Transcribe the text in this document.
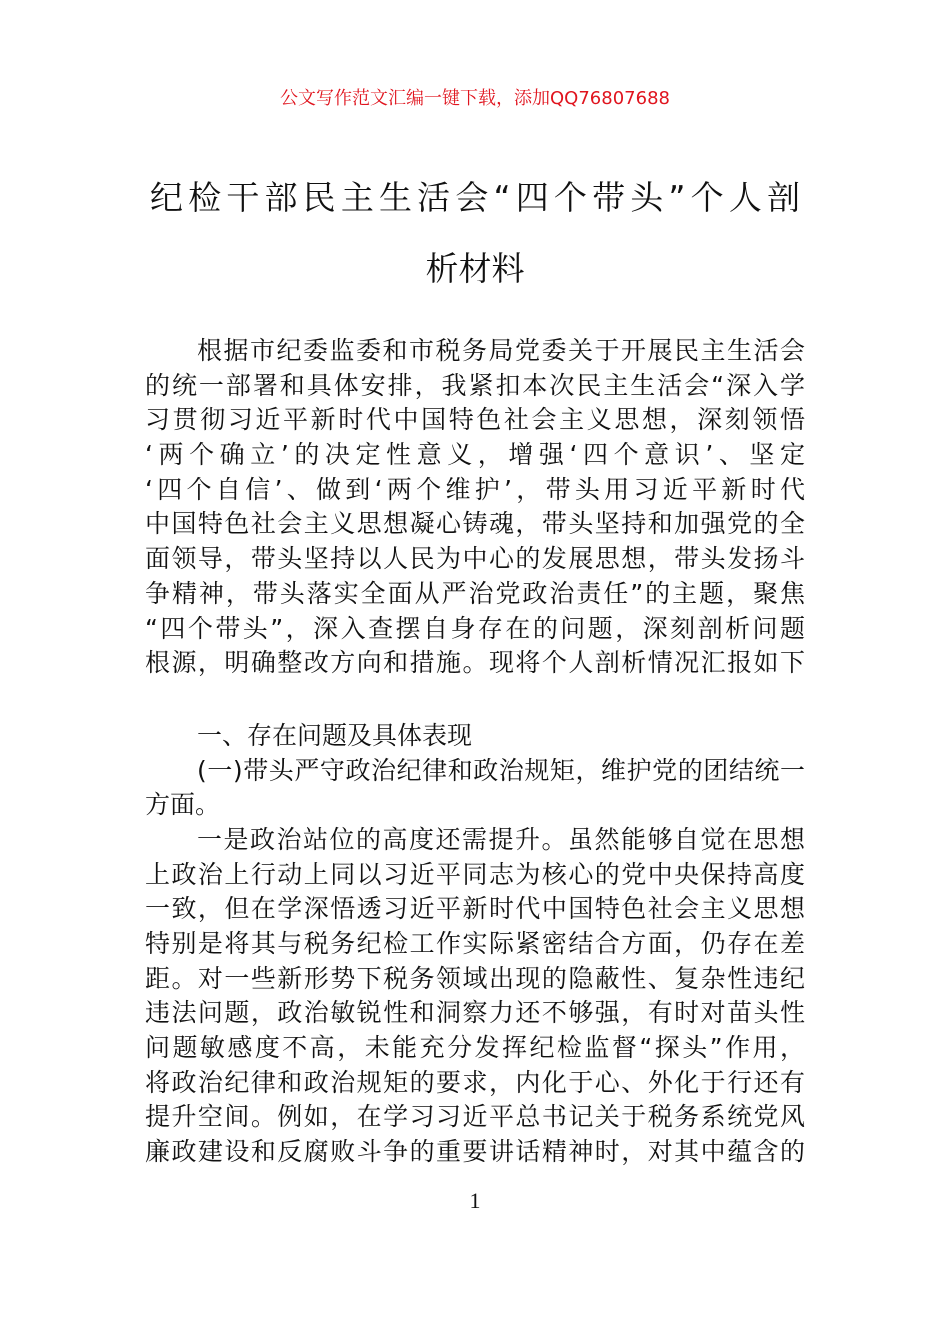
公文写作范文汇编一键下载，添加QQ76807688
纪检干部民主生活会“四个带头”个人剖
析材料
根据市纪委监委和市税务局党委关于开展民主生活会
的统一部署和具体安排，我紧扣本次民主生活会“深入学
习贯彻习近平新时代中国特色社会主义思想，深刻领悟
‘两个确立’的决定性意义，增强‘四个意识’、坚定
‘四个自信’、做到‘两个维护’，带头用习近平新时代
中国特色社会主义思想凝心铸魂，带头坚持和加强党的全
面领导，带头坚持以人民为中心的发展思想，带头发扬斗
争精神，带头落实全面从严治党政治责任”的主题，聚焦
“四个带头”，深入查摆自身存在的问题，深刻剖析问题
根源，明确整改方向和措施。现将个人剖析情况汇报如下
一、存在问题及具体表现
(一)带头严守政治纪律和政治规矩，维护党的团结统一
方面。
一是政治站位的高度还需提升。虽然能够自觉在思想
上政治上行动上同以习近平同志为核心的党中央保持高度
一致，但在学深悟透习近平新时代中国特色社会主义思想
特别是将其与税务纪检工作实际紧密结合方面，仍存在差
距。对一些新形势下税务领域出现的隐蔽性、复杂性违纪
违法问题，政治敏锐性和洞察力还不够强，有时对苗头性
问题敏感度不高，未能充分发挥纪检监督“探头”作用，
将政治纪律和政治规矩的要求，内化于心、外化于行还有
提升空间。例如，在学习习近平总书记关于税务系统党风
廉政建设和反腐败斗争的重要讲话精神时，对其中蕴含的
1
